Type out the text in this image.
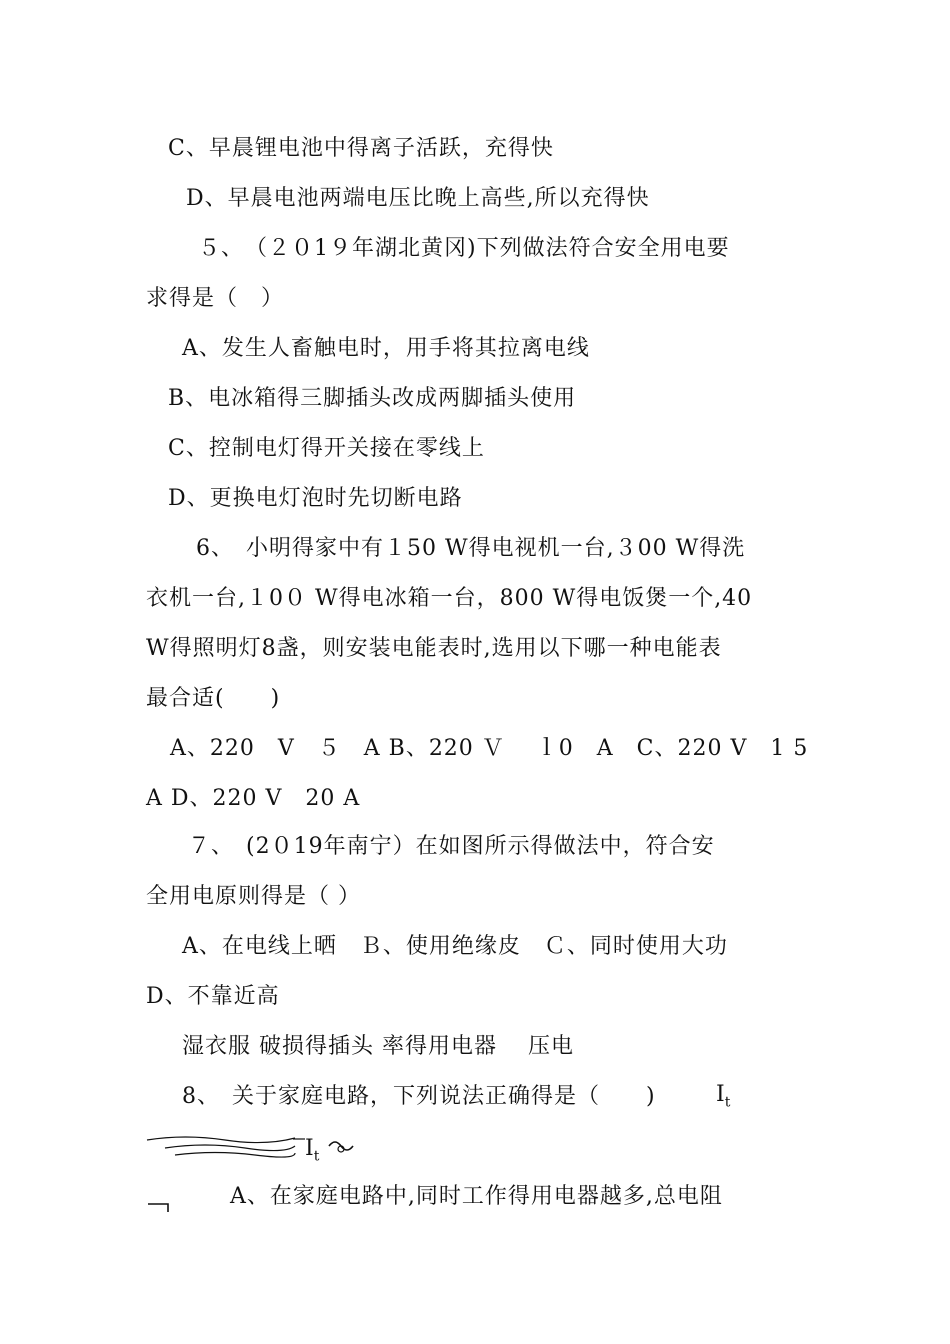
C、早晨锂电池中得离子活跃，充得快
D、早晨电池两端电压比晚上高些,所以充得快
５、　（２０1９年湖北黄冈)下列做法符合安全用电要
求得是（　）
A、发生人畜触电时，用手将其拉离电线
B、电冰箱得三脚插头改成两脚插头使用
C、控制电灯得开关接在零线上
D、更换电灯泡时先切断电路
6、　小明得家中有１50 W得电视机一台,３00 W得洗
衣机一台,１0０ W得电冰箱一台，800 W得电饭煲一个,40
W得照明灯8盏，则安装电能表时,选用以下哪一种电能表
最合适(　　)
A、220　V　５　A B、220 Ｖ　 ｌ0　A　C、220 V　1 5
A D、220 V　20 A
７、　(2０19年南宁）在如图所示得做法中，符合安
全用电原则得是（ ）
A、在电线上晒　Ｂ、使用绝缘皮　Ｃ、同时使用大功
D、不靠近高
湿衣服 破损得插头 率得用电器　 压电
8、　关于家庭电路，下列说法正确得是（　　)	$I_t$
$I_t$
A、在家庭电路中,同时工作得用电器越多,总电阻
